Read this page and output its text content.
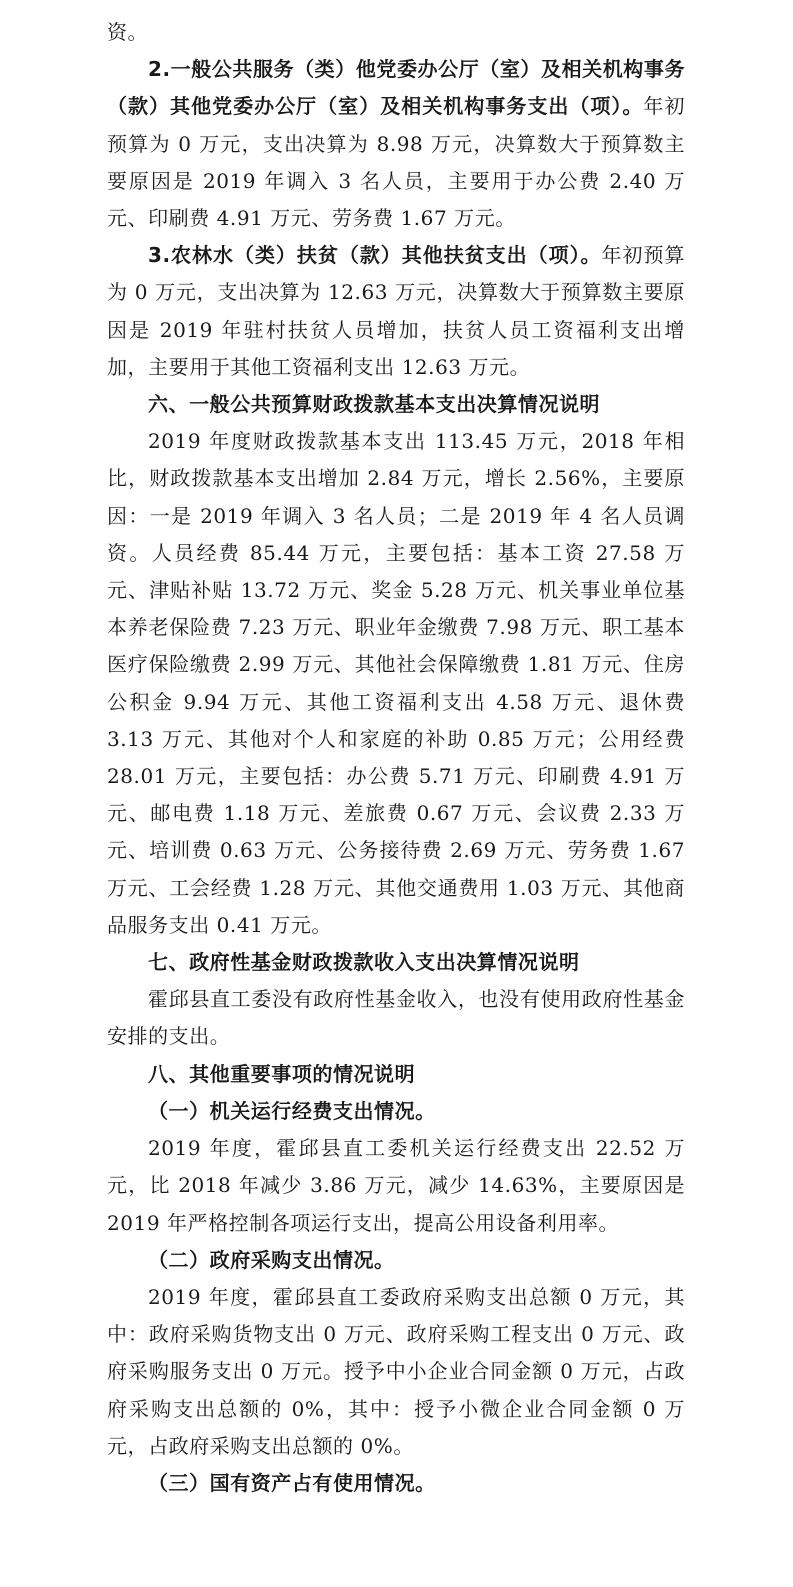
资。

2.一般公共服务（类）他党委办公厅（室）及相关机构事务（款）其他党委办公厅（室）及相关机构事务支出（项）。年初预算为 0 万元，支出决算为 8.98 万元，决算数大于预算数主要原因是 2019 年调入 3 名人员，主要用于办公费 2.40 万元、印刷费 4.91 万元、劳务费 1.67 万元。

3.农林水（类）扶贫（款）其他扶贫支出（项）。年初预算为 0 万元，支出决算为 12.63 万元，决算数大于预算数主要原因是 2019 年驻村扶贫人员增加，扶贫人员工资福利支出增加，主要用于其他工资福利支出 12.63 万元。

六、一般公共预算财政拨款基本支出决算情况说明

2019 年度财政拨款基本支出 113.45 万元，2018 年相比，财政拨款基本支出增加 2.84 万元，增长 2.56%，主要原因：一是 2019 年调入 3 名人员；二是 2019 年 4 名人员调资。人员经费 85.44 万元，主要包括：基本工资 27.58 万元、津贴补贴 13.72 万元、奖金 5.28 万元、机关事业单位基本养老保险费 7.23 万元、职业年金缴费 7.98 万元、职工基本医疗保险缴费 2.99 万元、其他社会保障缴费 1.81 万元、住房公积金 9.94 万元、其他工资福利支出 4.58 万元、退休费 3.13 万元、其他对个人和家庭的补助 0.85 万元；公用经费 28.01 万元，主要包括：办公费 5.71 万元、印刷费 4.91 万元、邮电费 1.18 万元、差旅费 0.67 万元、会议费 2.33 万元、培训费 0.63 万元、公务接待费 2.69 万元、劳务费 1.67 万元、工会经费 1.28 万元、其他交通费用 1.03 万元、其他商品服务支出 0.41 万元。

七、政府性基金财政拨款收入支出决算情况说明

霍邱县直工委没有政府性基金收入，也没有使用政府性基金安排的支出。

八、其他重要事项的情况说明

（一）机关运行经费支出情况。

2019 年度，霍邱县直工委机关运行经费支出 22.52 万元，比 2018 年减少 3.86 万元，减少 14.63%，主要原因是 2019 年严格控制各项运行支出，提高公用设备利用率。

（二）政府采购支出情况。

2019 年度，霍邱县直工委政府采购支出总额 0 万元，其中：政府采购货物支出 0 万元、政府采购工程支出 0 万元、政府采购服务支出 0 万元。授予中小企业合同金额 0 万元，占政府采购支出总额的 0%，其中：授予小微企业合同金额 0 万元，占政府采购支出总额的 0%。

（三）国有资产占有使用情况。
